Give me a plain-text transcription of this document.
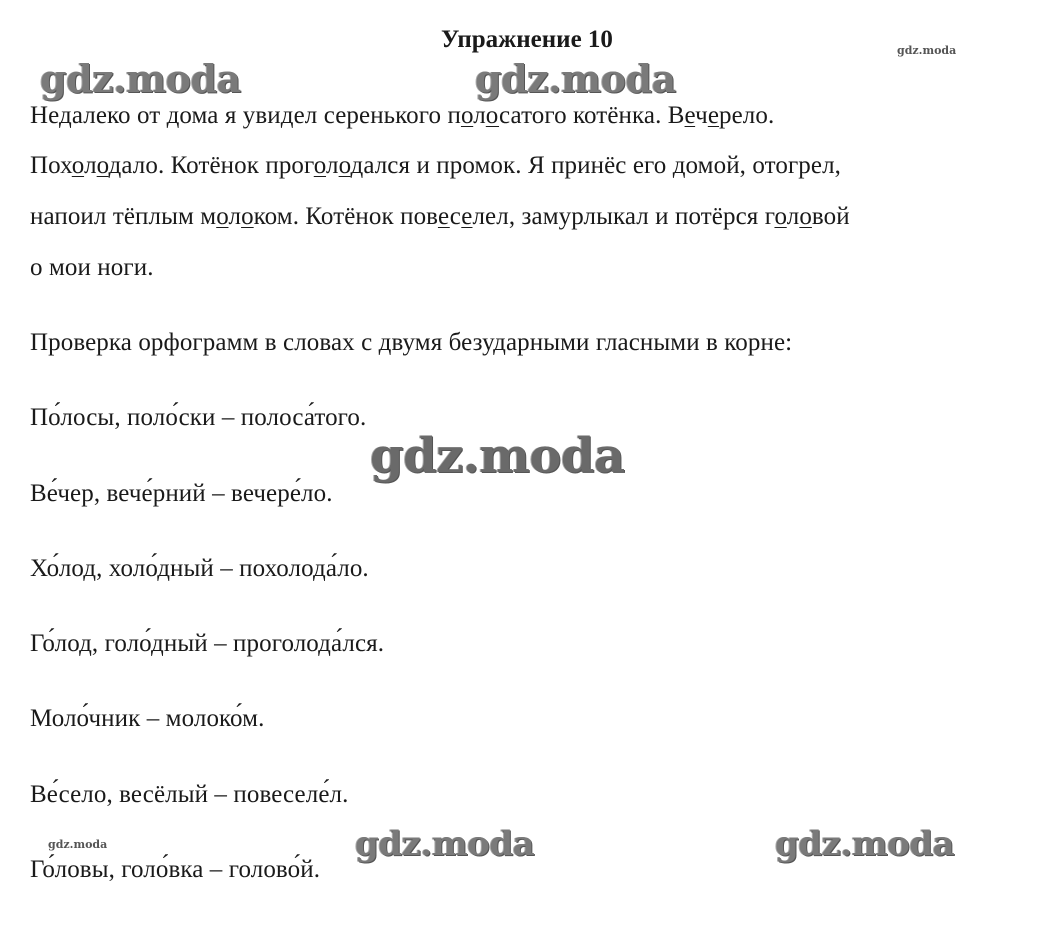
Упражнение 10
Недалеко от дома я увидел серенького полосатого котёнка. Вечерело.
Похолодало. Котёнок проголодался и промок. Я принёс его домой, отогрел,
напоил тёплым молоком. Котёнок повеселел, замурлыкал и потёрся головой
о мои ноги.
Проверка орфограмм в словах с двумя безударными гласными в корне:
По́лосы, поло́ски – полоса́того.
Ве́чер, вече́рний – вечере́ло.
Хо́лод, холо́дный – похолода́ло.
Го́лод, голо́дный – проголода́лся.
Моло́чник – молоко́м.
Ве́село, весёлый – повеселе́л.
Го́ловы, голо́вка – голово́й.
gdz.moda
gdz.moda	gdz.moda
gdz.moda
gdz.moda	gdz.moda	gdz.moda
